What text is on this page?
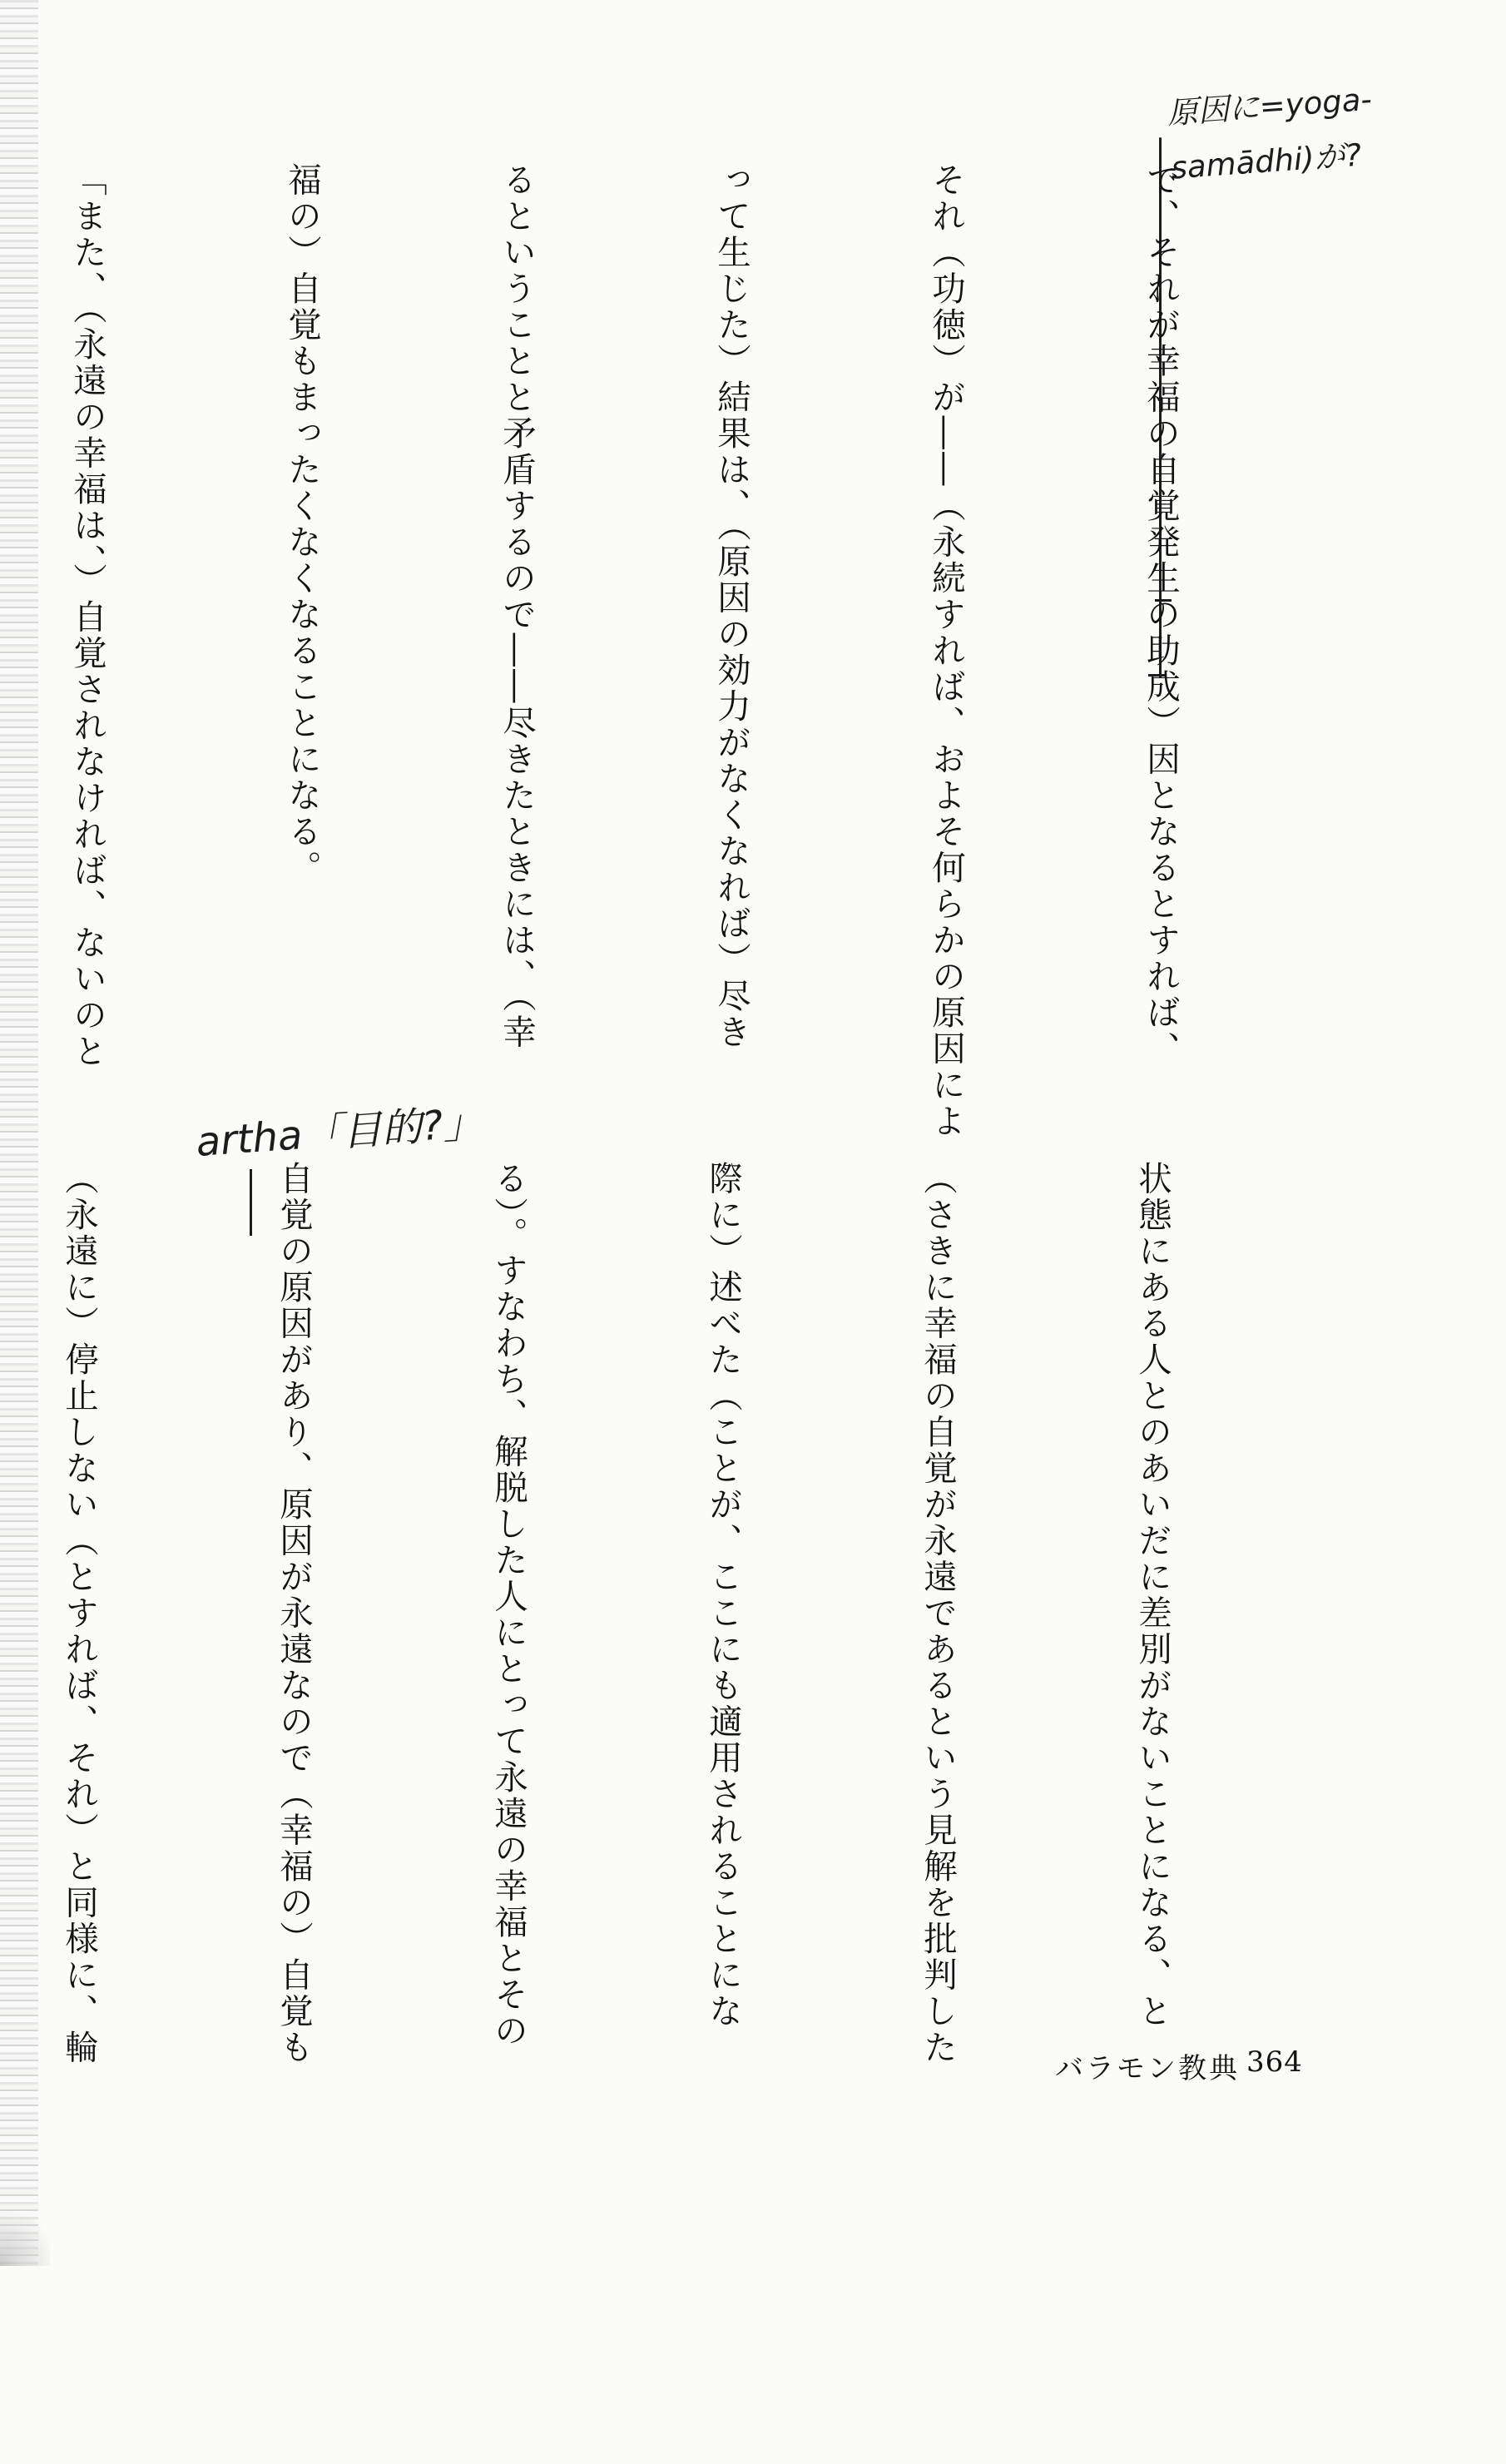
原因に=yoga-samādhi)が?
artha「目的?」

で、それが幸福の自覚発生の助成）因となるとすれば、

それ（功徳）が――（永続すれば、およそ何らかの原因によ

って生じた）結果は、（原因の効力がなくなれば）尽き

るということと矛盾するので――尽きたときには、（幸

福の）自覚もまったくなくなることになる。

「また、（永遠の幸福は、）自覚されなければ、ないのと

状態にある人とのあいだに差別がないことになる、と

（さきに幸福の自覚が永遠であるという見解を批判した

際に）述べた（ことが、ここにも適用されることにな

る）。すなわち、解脱した人にとって永遠の幸福とその

自覚の原因があり、原因が永遠なので（幸福の）自覚も

（永遠に）停止しない（とすれば、それ）と同様に、輪

バラモン教典 364
